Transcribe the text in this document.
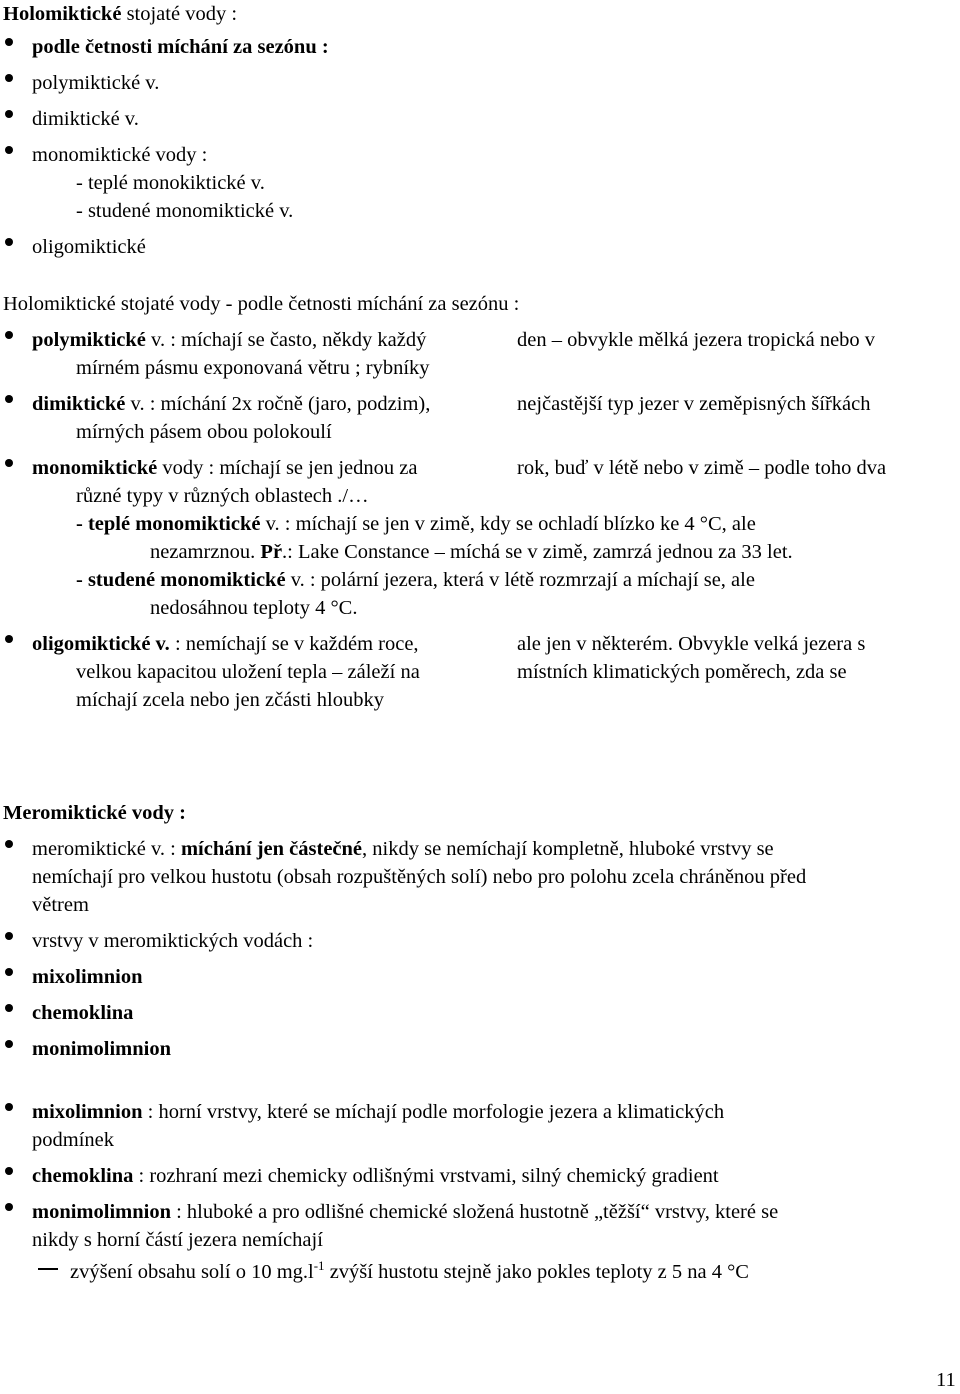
Holomiktické stojaté vody :
podle četnosti míchání za sezónu :
polymiktické v.
dimiktické v.
monomiktické vody :
- teplé monokiktické v.
- studené monomiktické v.
oligomiktické
Holomiktické stojaté vody - podle četnosti míchání za sezónu :
polymiktické v. : míchají se často, někdy každý	den – obvykle mělká jezera tropická nebo v
mírném pásmu exponovaná větru ; rybníky
dimiktické v. : míchání 2x ročně (jaro, podzim),	nejčastější typ jezer v zeměpisných šířkách
mírných pásem obou polokoulí
monomiktické vody : míchají se jen jednou za	rok, buď v létě nebo v zimě – podle toho dva
různé typy v různých oblastech ./…
- teplé monomiktické v. : míchají se jen v zimě, kdy se ochladí blízko ke 4 °C, ale
nezamrznou. Př.: Lake Constance – míchá se v zimě, zamrzá jednou za 33 let.
- studené monomiktické v. : polární jezera, která v létě rozmrzají a míchají se, ale
nedosáhnou teploty 4 °C.
oligomiktické v. : nemíchají se v každém roce,	ale jen v některém. Obvykle velká jezera s
velkou kapacitou uložení tepla – záleží na	místních klimatických poměrech, zda se
míchají zcela nebo jen zčásti hloubky
Meromiktické vody :
meromiktické v. : míchání jen částečné, nikdy se nemíchají kompletně, hluboké vrstvy se
nemíchají pro velkou hustotu (obsah rozpuštěných solí) nebo pro polohu zcela chráněnou před
větrem
vrstvy v meromiktických vodách :
mixolimnion
chemoklina
monimolimnion
mixolimnion : horní vrstvy, které se míchají podle morfologie jezera a klimatických
podmínek
chemoklina : rozhraní mezi chemicky odlišnými vrstvami, silný chemický gradient
monimolimnion : hluboké a pro odlišné chemické složená hustotně „těžší“ vrstvy, které se
nikdy s horní částí jezera nemíchají
zvýšení obsahu solí o 10 $mg.l^{-1}$ zvýší hustotu stejně jako pokles teploty z 5 na 4 °C
11
